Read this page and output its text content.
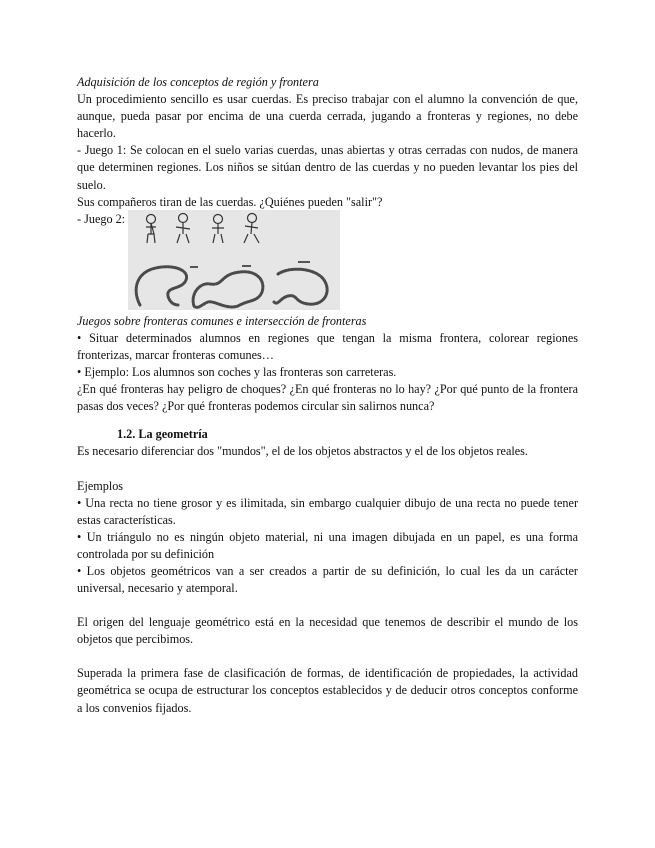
Adquisición de los conceptos de región y frontera

Un procedimiento sencillo es usar cuerdas. Es preciso trabajar con el alumno la convención de que, aunque, pueda pasar por encima de una cuerda cerrada, jugando a fronteras y regiones, no debe hacerlo.

- Juego 1: Se colocan en el suelo varias cuerdas, unas abiertas y otras cerradas con nudos, de manera que determinen regiones. Los niños se sitúan dentro de las cuerdas y no pueden levantar los pies del suelo.

Sus compañeros tiran de las cuerdas. ¿Quiénes pueden "salir"?

- Juego 2:

Juegos sobre fronteras comunes e intersección de fronteras

• Situar determinados alumnos en regiones que tengan la misma frontera, colorear regiones fronterizas, marcar fronteras comunes…

• Ejemplo: Los alumnos son coches y las fronteras son carreteras.

¿En qué fronteras hay peligro de choques? ¿En qué fronteras no lo hay? ¿Por qué punto de la frontera pasas dos veces? ¿Por qué fronteras podemos circular sin salirnos nunca?

1.2. La geometría

Es necesario diferenciar dos "mundos", el de los objetos abstractos y el de los objetos reales.

Ejemplos

• Una recta no tiene grosor y es ilimitada, sin embargo cualquier dibujo de una recta no puede tener estas características.

• Un triángulo no es ningún objeto material, ni una imagen dibujada en un papel, es una forma controlada por su definición

• Los objetos geométricos van a ser creados a partir de su definición, lo cual les da un carácter universal, necesario y atemporal.

El origen del lenguaje geométrico está en la necesidad que tenemos de describir el mundo de los objetos que percibimos.

Superada la primera fase de clasificación de formas, de identificación de propiedades, la actividad geométrica se ocupa de estructurar los conceptos establecidos y de deducir otros conceptos conforme a los convenios fijados.
